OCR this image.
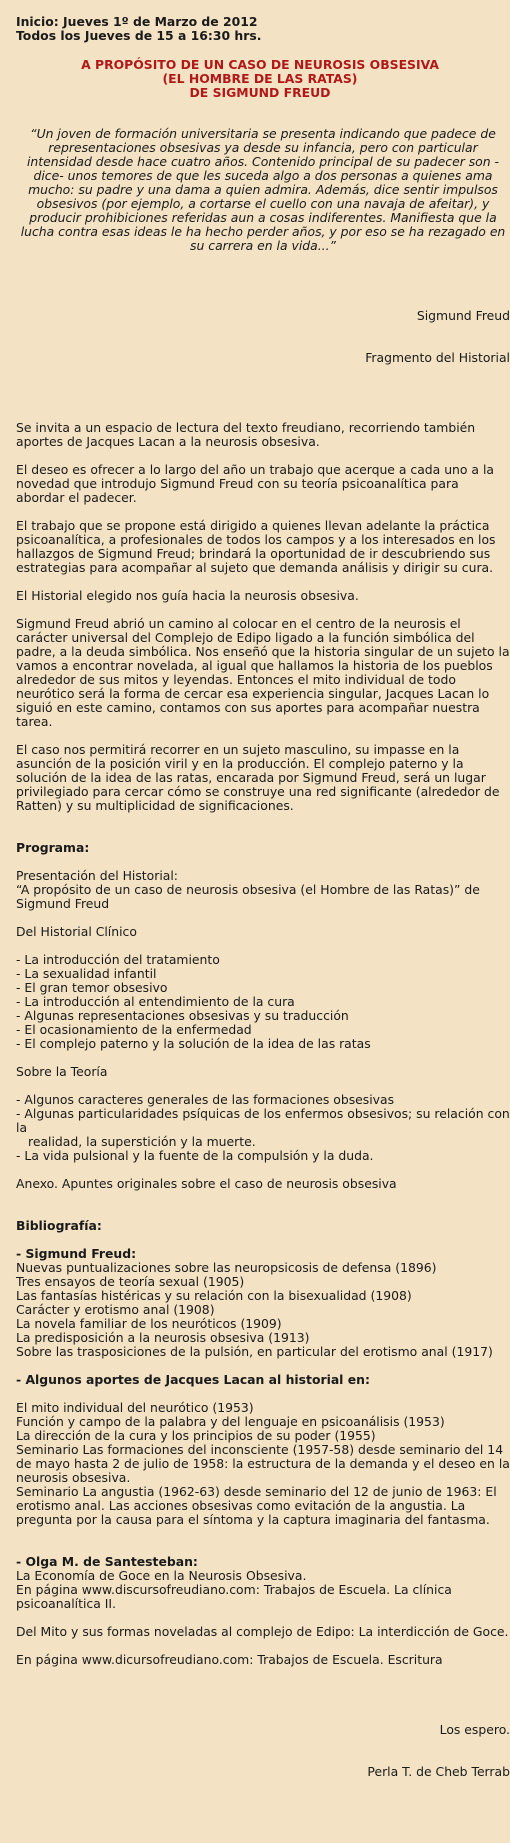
Inicio: Jueves 1º de Marzo de 2012
Todos los Jueves de 15 a 16:30 hrs.
A PROPÓSITO DE UN CASO DE NEUROSIS OBSESIVA
(EL HOMBRE DE LAS RATAS)
DE SIGMUND FREUD
“Un joven de formación universitaria se presenta indicando que padece de representaciones obsesivas ya desde su infancia, pero con particular intensidad desde hace cuatro años. Contenido principal de su padecer son -dice- unos temores de que les suceda algo a dos personas a quienes ama mucho: su padre y una dama a quien admira. Además, dice sentir impulsos obsesivos (por ejemplo, a cortarse el cuello con una navaja de afeitar), y producir prohibiciones referidas aun a cosas indiferentes. Manifiesta que la lucha contra esas ideas le ha hecho perder años, y por eso se ha rezagado en su carrera en la vida...”

Sigmund Freud

Fragmento del Historial

Se invita a un espacio de lectura del texto freudiano, recorriendo también aportes de Jacques Lacan a la neurosis obsesiva.

El deseo es ofrecer a lo largo del año un trabajo que acerque a cada uno a la novedad que introdujo Sigmund Freud con su teoría psicoanalítica para abordar el padecer.

El trabajo que se propone está dirigido a quienes llevan adelante la práctica psicoanalítica, a profesionales de todos los campos y a los interesados en los hallazgos de Sigmund Freud; brindará la oportunidad de ir descubriendo sus estrategias para acompañar al sujeto que demanda análisis y dirigir su cura.

El Historial elegido nos guía hacia la neurosis obsesiva.

Sigmund Freud abrió un camino al colocar en el centro de la neurosis el carácter universal del Complejo de Edipo ligado a la función simbólica del padre, a la deuda simbólica. Nos enseñó que la historia singular de un sujeto la vamos a encontrar novelada, al igual que hallamos la historia de los pueblos alrededor de sus mitos y leyendas. Entonces el mito individual de todo neurótico será la forma de cercar esa experiencia singular, Jacques Lacan lo siguió en este camino, contamos con sus aportes para acompañar nuestra tarea.

El caso nos permitirá recorrer en un sujeto masculino, su impasse en la asunción de la posición viril y en la producción. El complejo paterno y la solución de la idea de las ratas, encarada por Sigmund Freud, será un lugar privilegiado para cercar cómo se construye una red significante (alrededor de Ratten) y su multiplicidad de significaciones.

Programa:
Presentación del Historial:
“A propósito de un caso de neurosis obsesiva (el Hombre de las Ratas)” de Sigmund Freud
Del Historial Clínico
- La introducción del tratamiento
- La sexualidad infantil
- El gran temor obsesivo
- La introducción al entendimiento de la cura
- Algunas representaciones obsesivas y su traducción
- El ocasionamiento de la enfermedad
- El complejo paterno y la solución de la idea de las ratas
Sobre la Teoría
- Algunos caracteres generales de las formaciones obsesivas
- Algunas particularidades psíquicas de los enfermos obsesivos; su relación con la
realidad, la superstición y la muerte.
- La vida pulsional y la fuente de la compulsión y la duda.
Anexo. Apuntes originales sobre el caso de neurosis obsesiva
Bibliografía:
- Sigmund Freud:
Nuevas puntualizaciones sobre las neuropsicosis de defensa (1896)
Tres ensayos de teoría sexual (1905)
Las fantasías histéricas y su relación con la bisexualidad (1908)
Carácter y erotismo anal (1908)
La novela familiar de los neuróticos (1909)
La predisposición a la neurosis obsesiva (1913)
Sobre las trasposiciones de la pulsión, en particular del erotismo anal (1917)
- Algunos aportes de Jacques Lacan al historial en:
El mito individual del neurótico (1953)
Función y campo de la palabra y del lenguaje en psicoanálisis (1953)
La dirección de la cura y los principios de su poder (1955)
Seminario Las formaciones del inconsciente (1957-58) desde seminario del 14 de mayo hasta 2 de julio de 1958: la estructura de la demanda y el deseo en la neurosis obsesiva.
Seminario La angustia (1962-63) desde seminario del 12 de junio de 1963: El erotismo anal. Las acciones obsesivas como evitación de la angustia. La pregunta por la causa para el síntoma y la captura imaginaria del fantasma.
- Olga M. de Santesteban:
La Economía de Goce en la Neurosis Obsesiva.
En página www.discursofreudiano.com: Trabajos de Escuela. La clínica psicoanalítica II.
Del Mito y sus formas noveladas al complejo de Edipo: La interdicción de Goce.
En página www.dicursofreudiano.com: Trabajos de Escuela. Escritura

Los espero.

Perla T. de Cheb Terrab
